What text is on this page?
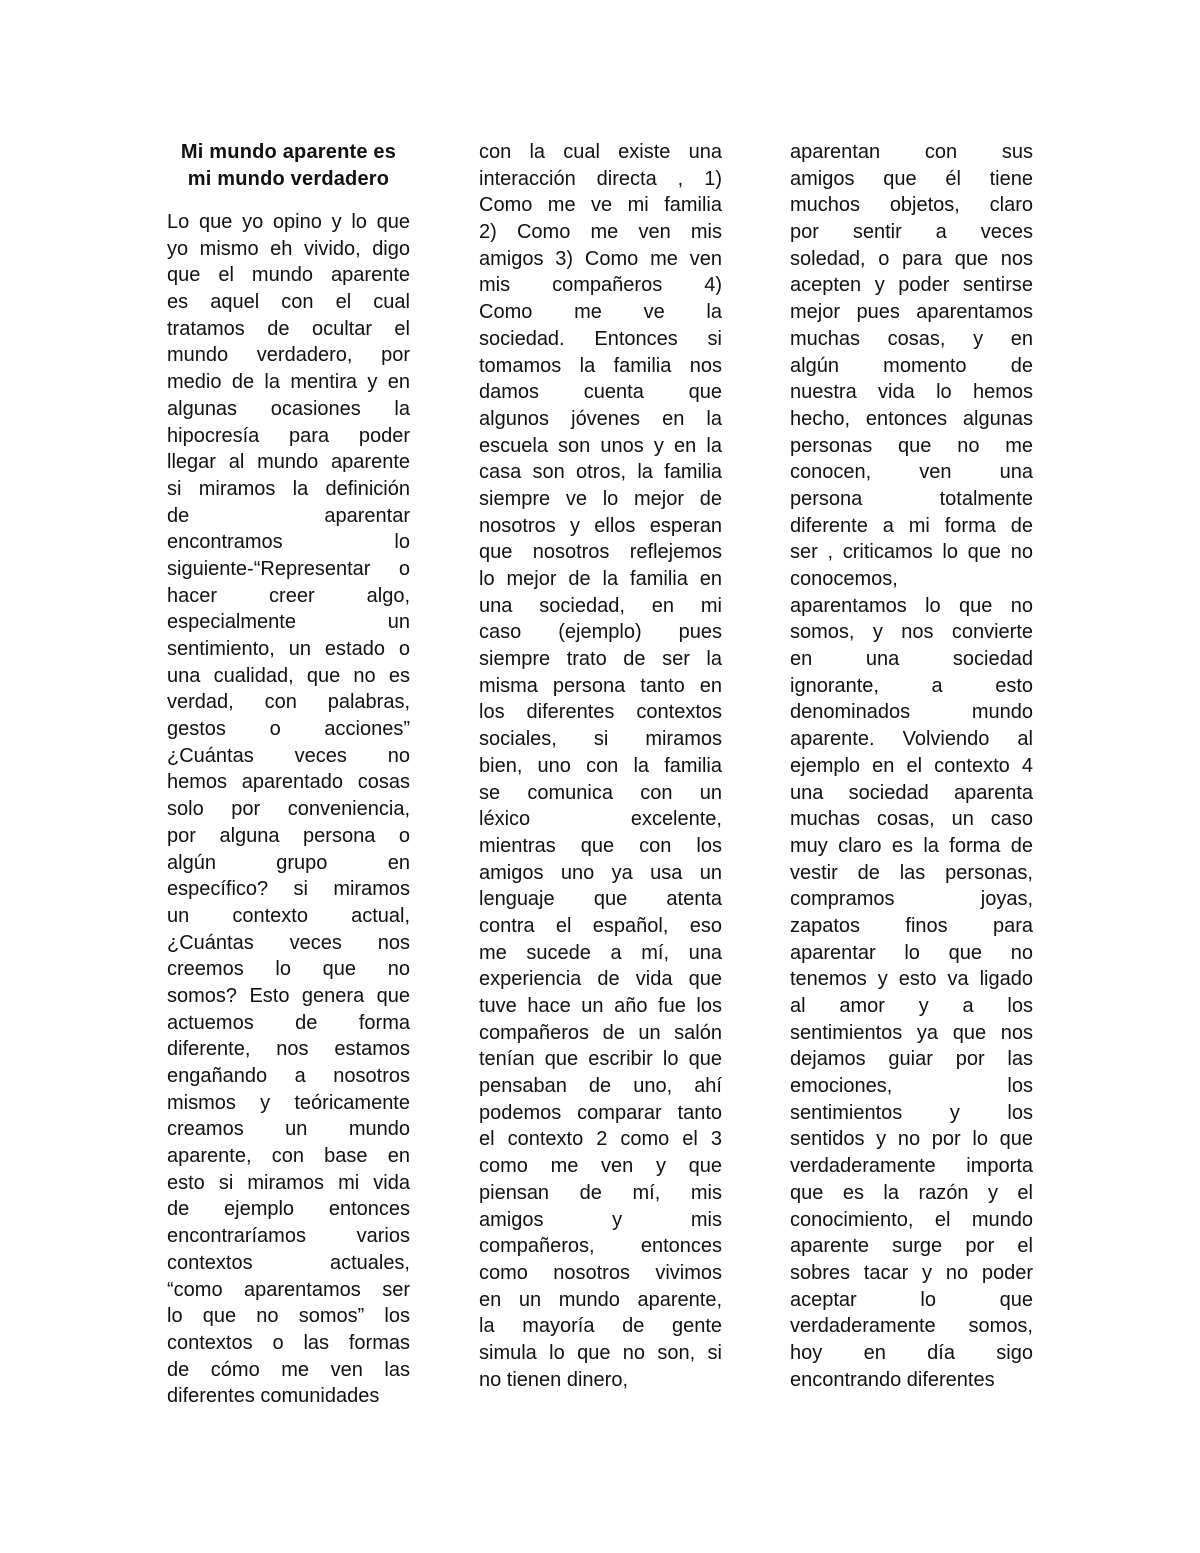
Mi mundo aparente es
mi mundo verdadero
Lo que yo opino y lo que
yo mismo eh vivido, digo
que el mundo aparente
es aquel con el cual
tratamos de ocultar el
mundo verdadero, por
medio de la mentira y en
algunas ocasiones la
hipocresía para poder
llegar al mundo aparente
si miramos la definición
de aparentar
encontramos lo
siguiente-“Representar o
hacer creer algo,
especialmente un
sentimiento, un estado o
una cualidad, que no es
verdad, con palabras,
gestos o acciones”
¿Cuántas veces no
hemos aparentado cosas
solo por conveniencia,
por alguna persona o
algún grupo en
específico? si miramos
un contexto actual,
¿Cuántas veces nos
creemos lo que no
somos? Esto genera que
actuemos de forma
diferente, nos estamos
engañando a nosotros
mismos y teóricamente
creamos un mundo
aparente, con base en
esto si miramos mi vida
de ejemplo entonces
encontraríamos varios
contextos actuales,
“como aparentamos ser
lo que no somos” los
contextos o las formas
de cómo me ven las
diferentes comunidades
con la cual existe una
interacción directa , 1)
Como me ve mi familia
2) Como me ven mis
amigos 3) Como me ven
mis compañeros 4)
Como me ve la
sociedad. Entonces si
tomamos la familia nos
damos cuenta que
algunos jóvenes en la
escuela son unos y en la
casa son otros, la familia
siempre ve lo mejor de
nosotros y ellos esperan
que nosotros reflejemos
lo mejor de la familia en
una sociedad, en mi
caso (ejemplo) pues
siempre trato de ser la
misma persona tanto en
los diferentes contextos
sociales, si miramos
bien, uno con la familia
se comunica con un
léxico excelente,
mientras que con los
amigos uno ya usa un
lenguaje que atenta
contra el español, eso
me sucede a mí, una
experiencia de vida que
tuve hace un año fue los
compañeros de un salón
tenían que escribir lo que
pensaban de uno, ahí
podemos comparar tanto
el contexto 2 como el 3
como me ven y que
piensan de mí, mis
amigos y mis
compañeros, entonces
como nosotros vivimos
en un mundo aparente,
la mayoría de gente
simula lo que no son, si
no tienen dinero,
aparentan con sus
amigos que él tiene
muchos objetos, claro
por sentir a veces
soledad, o para que nos
acepten y poder sentirse
mejor pues aparentamos
muchas cosas, y en
algún momento de
nuestra vida lo hemos
hecho, entonces algunas
personas que no me
conocen, ven una
persona totalmente
diferente a mi forma de
ser , criticamos lo que no
conocemos,
aparentamos lo que no
somos, y nos convierte
en una sociedad
ignorante, a esto
denominados mundo
aparente. Volviendo al
ejemplo en el contexto 4
una sociedad aparenta
muchas cosas, un caso
muy claro es la forma de
vestir de las personas,
compramos joyas,
zapatos finos para
aparentar lo que no
tenemos y esto va ligado
al amor y a los
sentimientos ya que nos
dejamos guiar por las
emociones, los
sentimientos y los
sentidos y no por lo que
verdaderamente importa
que es la razón y el
conocimiento, el mundo
aparente surge por el
sobres tacar y no poder
aceptar lo que
verdaderamente somos,
hoy en día sigo
encontrando diferentes
